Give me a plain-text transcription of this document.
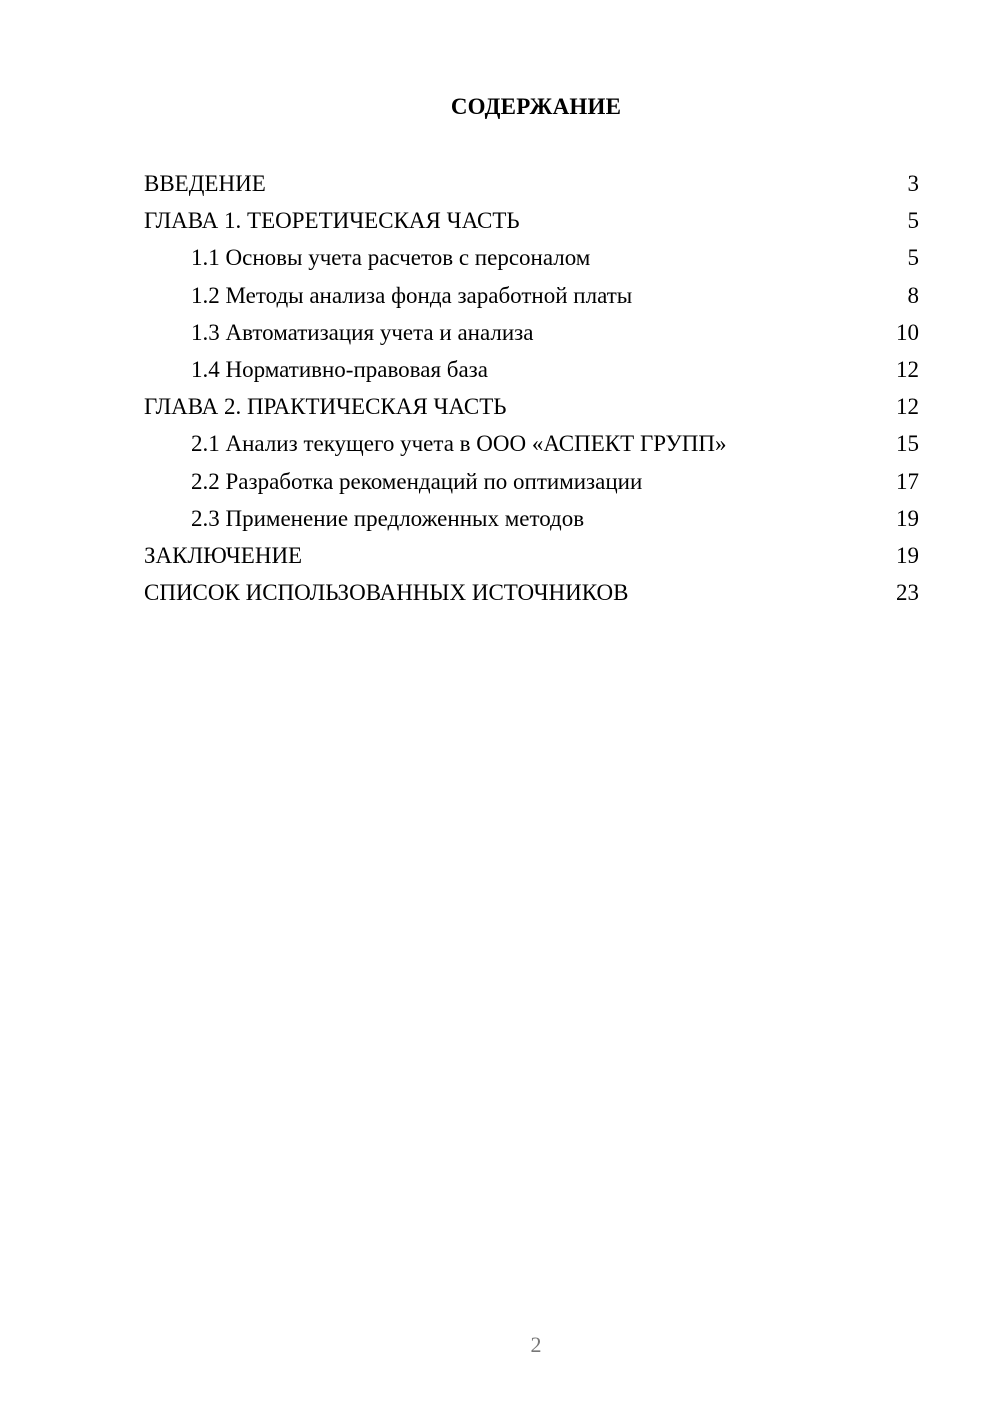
СОДЕРЖАНИЕ
ВВЕДЕНИЕ	3
ГЛАВА 1. ТЕОРЕТИЧЕСКАЯ ЧАСТЬ	5
1.1 Основы учета расчетов с персоналом	5
1.2 Методы анализа фонда заработной платы	8
1.3 Автоматизация учета и анализа	10
1.4 Нормативно-правовая база	12
ГЛАВА 2. ПРАКТИЧЕСКАЯ ЧАСТЬ	12
2.1 Анализ текущего учета в ООО «АСПЕКТ ГРУПП»	15
2.2 Разработка рекомендаций по оптимизации	17
2.3 Применение предложенных методов	19
ЗАКЛЮЧЕНИЕ	19
СПИСОК ИСПОЛЬЗОВАННЫХ ИСТОЧНИКОВ	23
2
